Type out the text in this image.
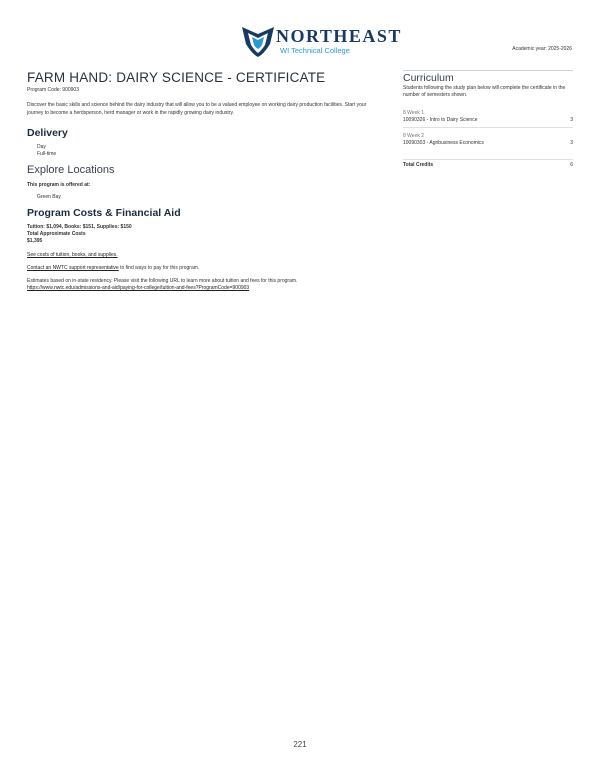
NORTHEAST
WI Technical College	Academic year: 2025-2026
FARM HAND: DAIRY SCIENCE - CERTIFICATE
Program Code: 900903
Discover the basic skills and science behind the dairy industry that will allow you to be a valued employee on working dairy production facilities. Start your journey to become a herdsperson, herd manager or work in the rapidly growing dairy industry.
Delivery
Day
Full-time
Explore Locations
This program is offered at:
Green Bay
Program Costs & Financial Aid
Tuition: $1,094, Books: $151, Supplies: $150
Total Approximate Costs
$1,395
See costs of tuition, books, and supplies.
Contact an NWTC support representative to find ways to pay for this program.
Estimates based on in-state residency. Please visit the following URL to learn more about tuition and fees for this program.
https://www.nwtc.edu/admissions-and-aid/paying-for-college/tuition-and-fees?ProgramCode=900903
Curriculum
Students following the study plan below will complete the certificate in the number of semesters shown.
8 Week 1
10090326 - Intro to Dairy Science	3
8 Week 2
10090303 - Agribusiness Economics	3
Total Credits	6
221
